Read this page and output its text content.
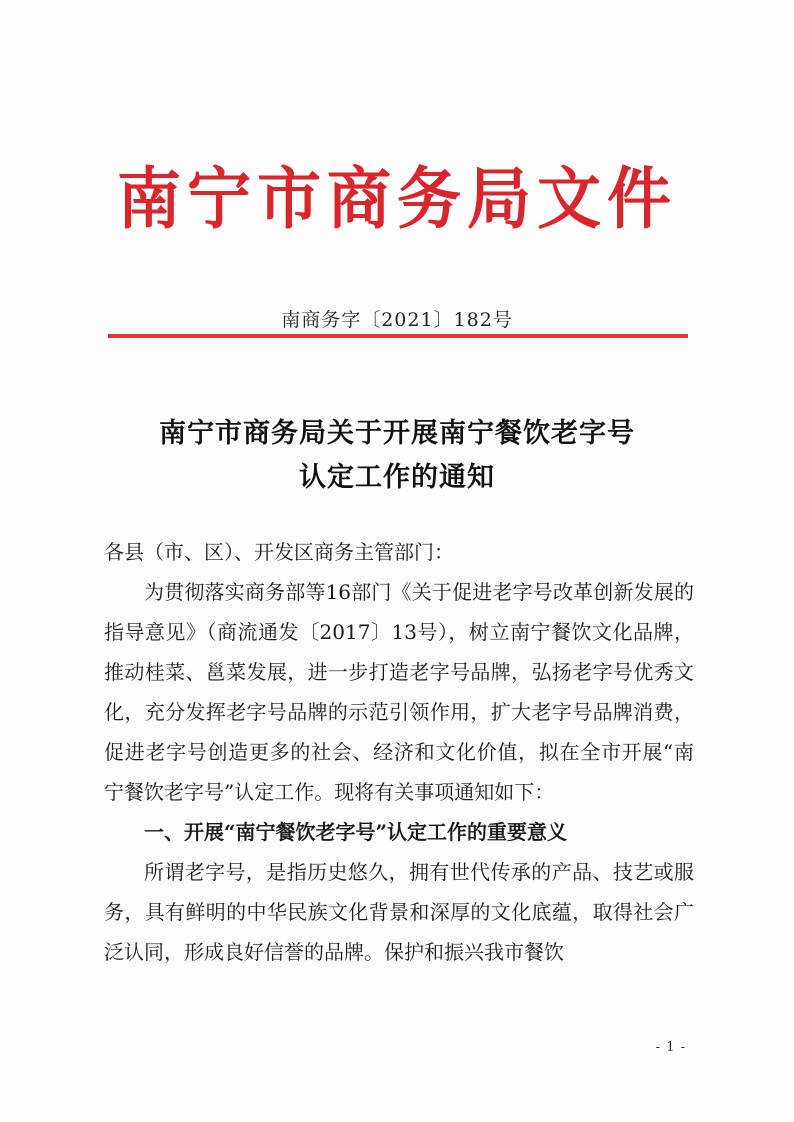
南宁市商务局文件
南商务字〔2021〕182号
南宁市商务局关于开展南宁餐饮老字号
认定工作的通知
各县（市、区）、开发区商务主管部门：

为贯彻落实商务部等16部门《关于促进老字号改革创新发展的指导意见》（商流通发〔2017〕13号），树立南宁餐饮文化品牌，推动桂菜、邕菜发展，进一步打造老字号品牌，弘扬老字号优秀文化，充分发挥老字号品牌的示范引领作用，扩大老字号品牌消费，促进老字号创造更多的社会、经济和文化价值，拟在全市开展“南宁餐饮老字号”认定工作。现将有关事项通知如下：

一、开展“南宁餐饮老字号”认定工作的重要意义

所谓老字号，是指历史悠久，拥有世代传承的产品、技艺或服务，具有鲜明的中华民族文化背景和深厚的文化底蕴，取得社会广泛认同，形成良好信誉的品牌。保护和振兴我市餐饮

- 1 -
